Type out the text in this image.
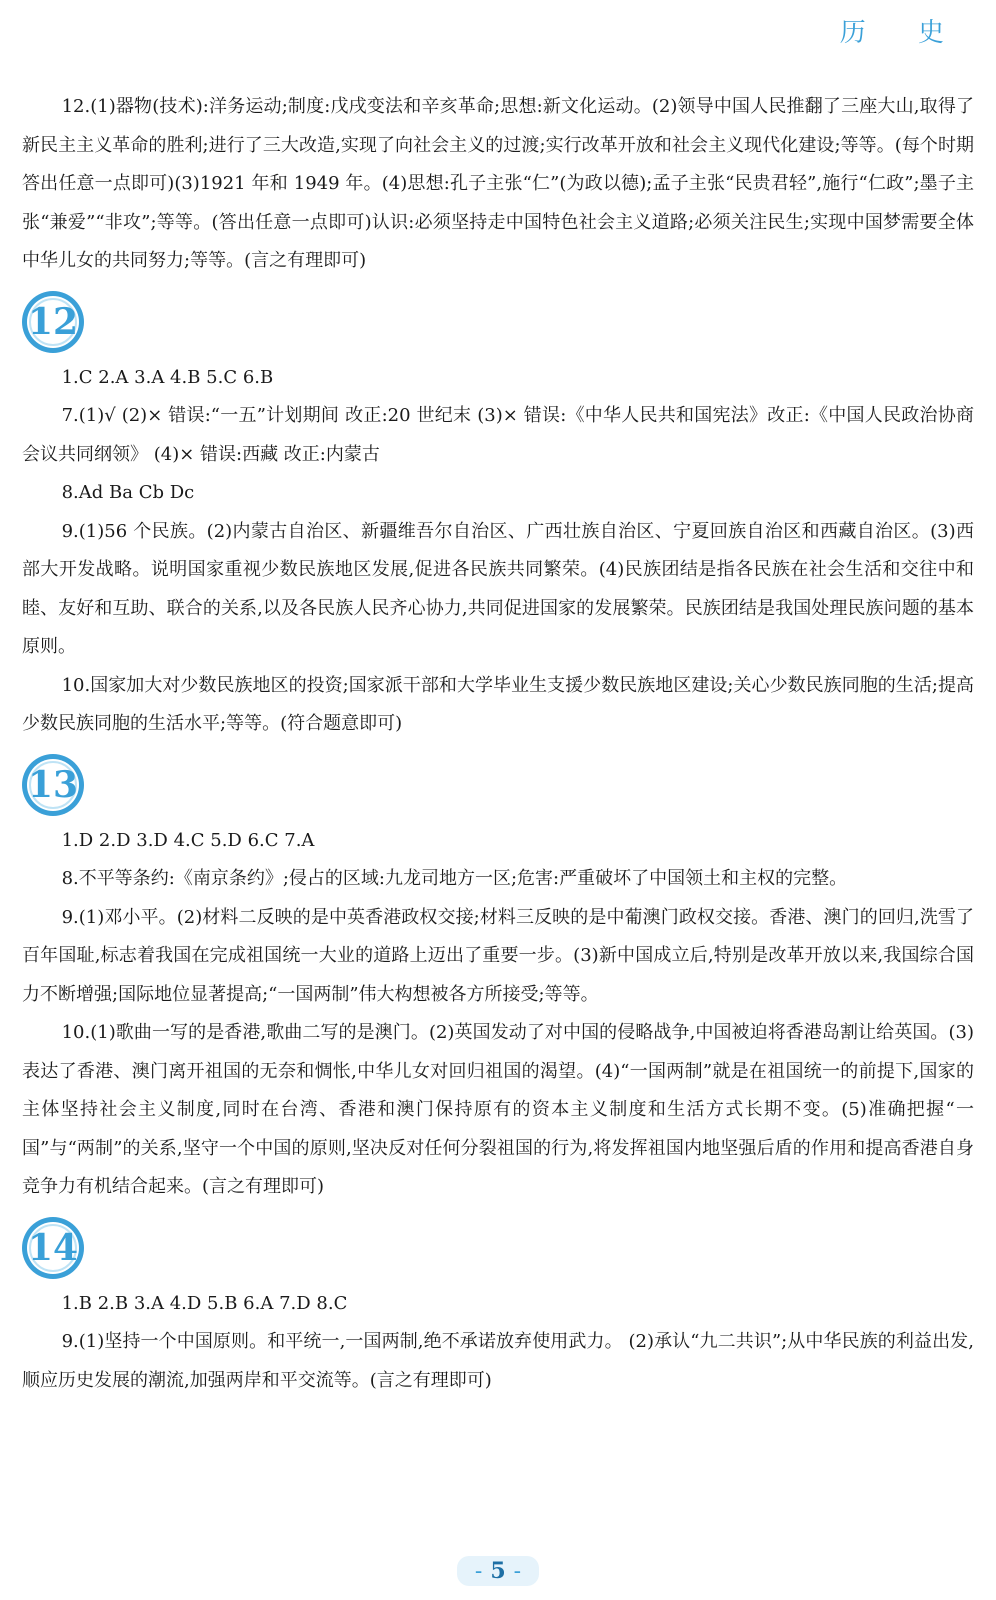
历 史

12.(1)器物(技术):洋务运动;制度:戊戌变法和辛亥革命;思想:新文化运动。(2)领导中国人民推翻了三座大山,取得了新民主主义革命的胜利;进行了三大改造,实现了向社会主义的过渡;实行改革开放和社会主义现代化建设;等等。(每个时期答出任意一点即可)(3)1921 年和 1949 年。(4)思想:孔子主张“仁”(为政以德);孟子主张“民贵君轻”,施行“仁政”;墨子主张“兼爱”“非攻”;等等。(答出任意一点即可)认识:必须坚持走中国特色社会主义道路;必须关注民生;实现中国梦需要全体中华儿女的共同努力;等等。(言之有理即可)

12

1.C 2.A 3.A 4.B 5.C 6.B

7.(1)√ (2)× 错误:“一五”计划期间 改正:20 世纪末 (3)× 错误:《中华人民共和国宪法》改正:《中国人民政治协商会议共同纲领》 (4)× 错误:西藏 改正:内蒙古

8.Ad Ba Cb Dc

9.(1)56 个民族。(2)内蒙古自治区、新疆维吾尔自治区、广西壮族自治区、宁夏回族自治区和西藏自治区。(3)西部大开发战略。说明国家重视少数民族地区发展,促进各民族共同繁荣。(4)民族团结是指各民族在社会生活和交往中和睦、友好和互助、联合的关系,以及各民族人民齐心协力,共同促进国家的发展繁荣。民族团结是我国处理民族问题的基本原则。

10.国家加大对少数民族地区的投资;国家派干部和大学毕业生支援少数民族地区建设;关心少数民族同胞的生活;提高少数民族同胞的生活水平;等等。(符合题意即可)

13

1.D 2.D 3.D 4.C 5.D 6.C 7.A

8.不平等条约:《南京条约》;侵占的区域:九龙司地方一区;危害:严重破坏了中国领土和主权的完整。

9.(1)邓小平。(2)材料二反映的是中英香港政权交接;材料三反映的是中葡澳门政权交接。香港、澳门的回归,洗雪了百年国耻,标志着我国在完成祖国统一大业的道路上迈出了重要一步。(3)新中国成立后,特别是改革开放以来,我国综合国力不断增强;国际地位显著提高;“一国两制”伟大构想被各方所接受;等等。

10.(1)歌曲一写的是香港,歌曲二写的是澳门。(2)英国发动了对中国的侵略战争,中国被迫将香港岛割让给英国。(3)表达了香港、澳门离开祖国的无奈和惆怅,中华儿女对回归祖国的渴望。(4)“一国两制”就是在祖国统一的前提下,国家的主体坚持社会主义制度,同时在台湾、香港和澳门保持原有的资本主义制度和生活方式长期不变。(5)准确把握“一国”与“两制”的关系,坚守一个中国的原则,坚决反对任何分裂祖国的行为,将发挥祖国内地坚强后盾的作用和提高香港自身竞争力有机结合起来。(言之有理即可)

14

1.B 2.B 3.A 4.D 5.B 6.A 7.D 8.C

9.(1)坚持一个中国原则。和平统一,一国两制,绝不承诺放弃使用武力。 (2)承认“九二共识”;从中华民族的利益出发,顺应历史发展的潮流,加强两岸和平交流等。(言之有理即可)

- 5 -
